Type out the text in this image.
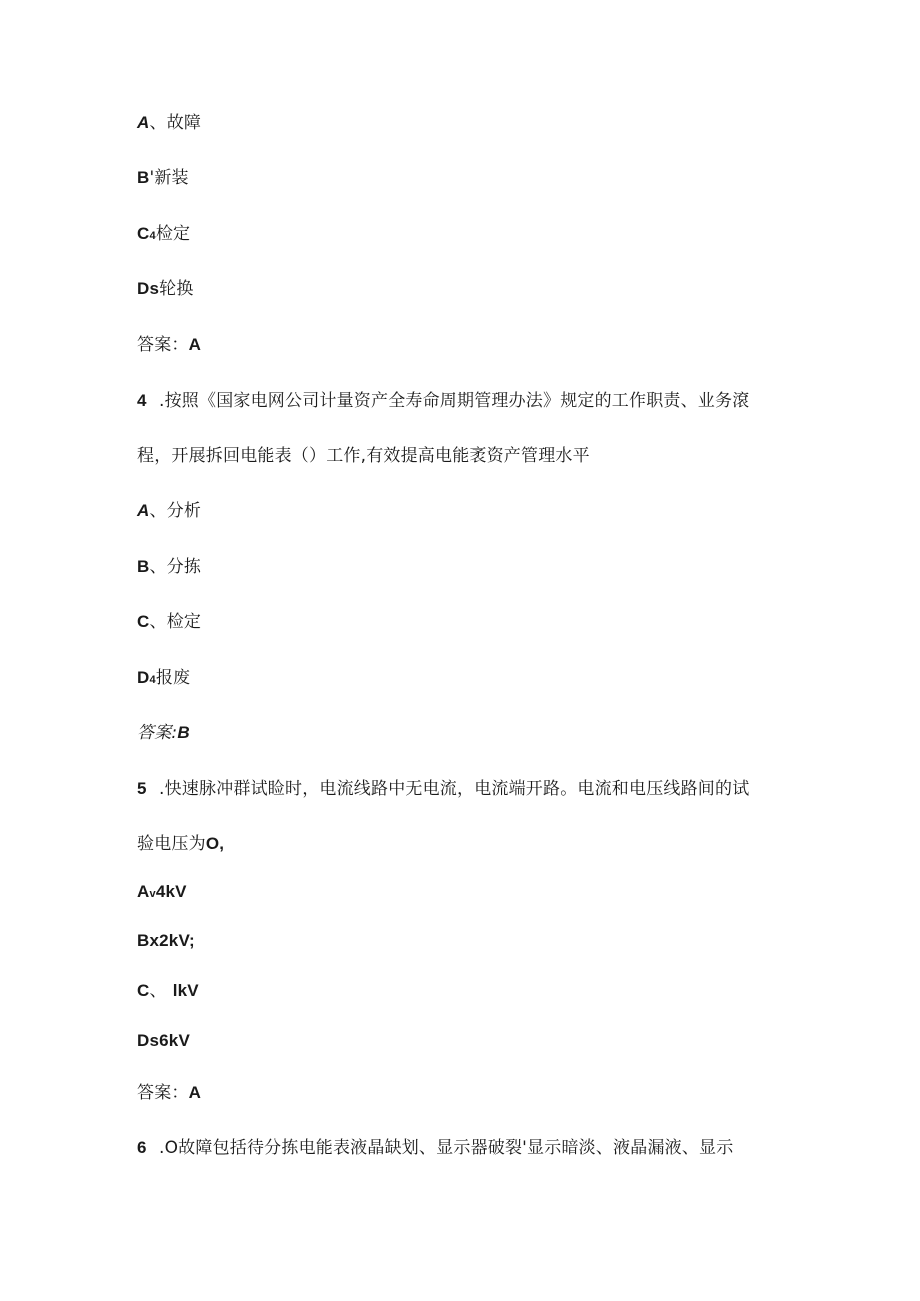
A、故障
B'新装
C4检定
Ds轮换
答案：A
4 .按照《国家电网公司计量资产全寿命周期管理办法》规定的工作职责、业务滾
程，开展拆回电能表（）工作,有效提高电能袤资产管理水平
A、分析
B、分拣
C、检定
D4报废
答案:B
5 .快速脉冲群试睑时，电流线路中无电流，电流端开路。电流和电压线路间的试
验电压为O,
Av4kV
Bx2kV;
C、 lkV
Ds6kV
答案：A
6 .O故障包括待分拣电能表液晶缺划、显示器破裂'显示暗淡、液晶漏液、显示
